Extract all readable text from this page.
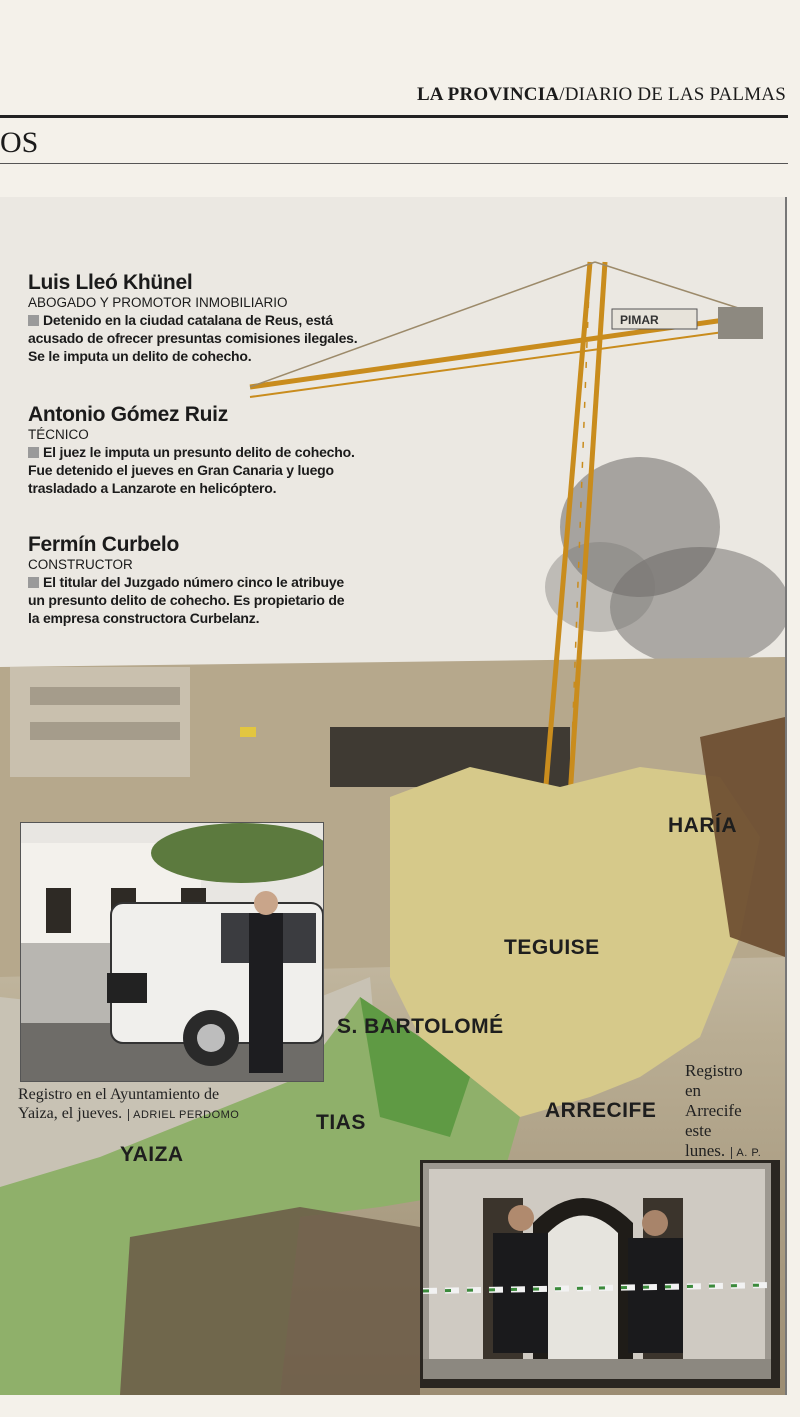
LA PROVINCIA/DIARIO DE LAS PALMAS
OS
PIMAR
Luis Lleó Khünel
ABOGADO Y PROMOTOR INMOBILIARIO
Detenido en la ciudad catalana de Reus, está acusado de ofrecer presuntas comisiones ilegales. Se le imputa un delito de cohecho.
Antonio Gómez Ruiz
TÉCNICO
El juez le imputa un presunto delito de cohecho. Fue detenido el jueves en Gran Canaria y luego trasladado a Lanzarote en helicóptero.
Fermín Curbelo
CONSTRUCTOR
El titular del Juzgado número cinco le atribuye un presunto delito de cohecho. Es propietario de la empresa constructora Curbelanz.
HARÍA
TEGUISE
S. BARTOLOMÉ
TIAS
YAIZA
ARRECIFE
Registro en el Ayuntamiento de
Yaiza, el jueves. ADRIEL PERDOMO
Registro
en
Arrecife
este
lunes. A. P.
